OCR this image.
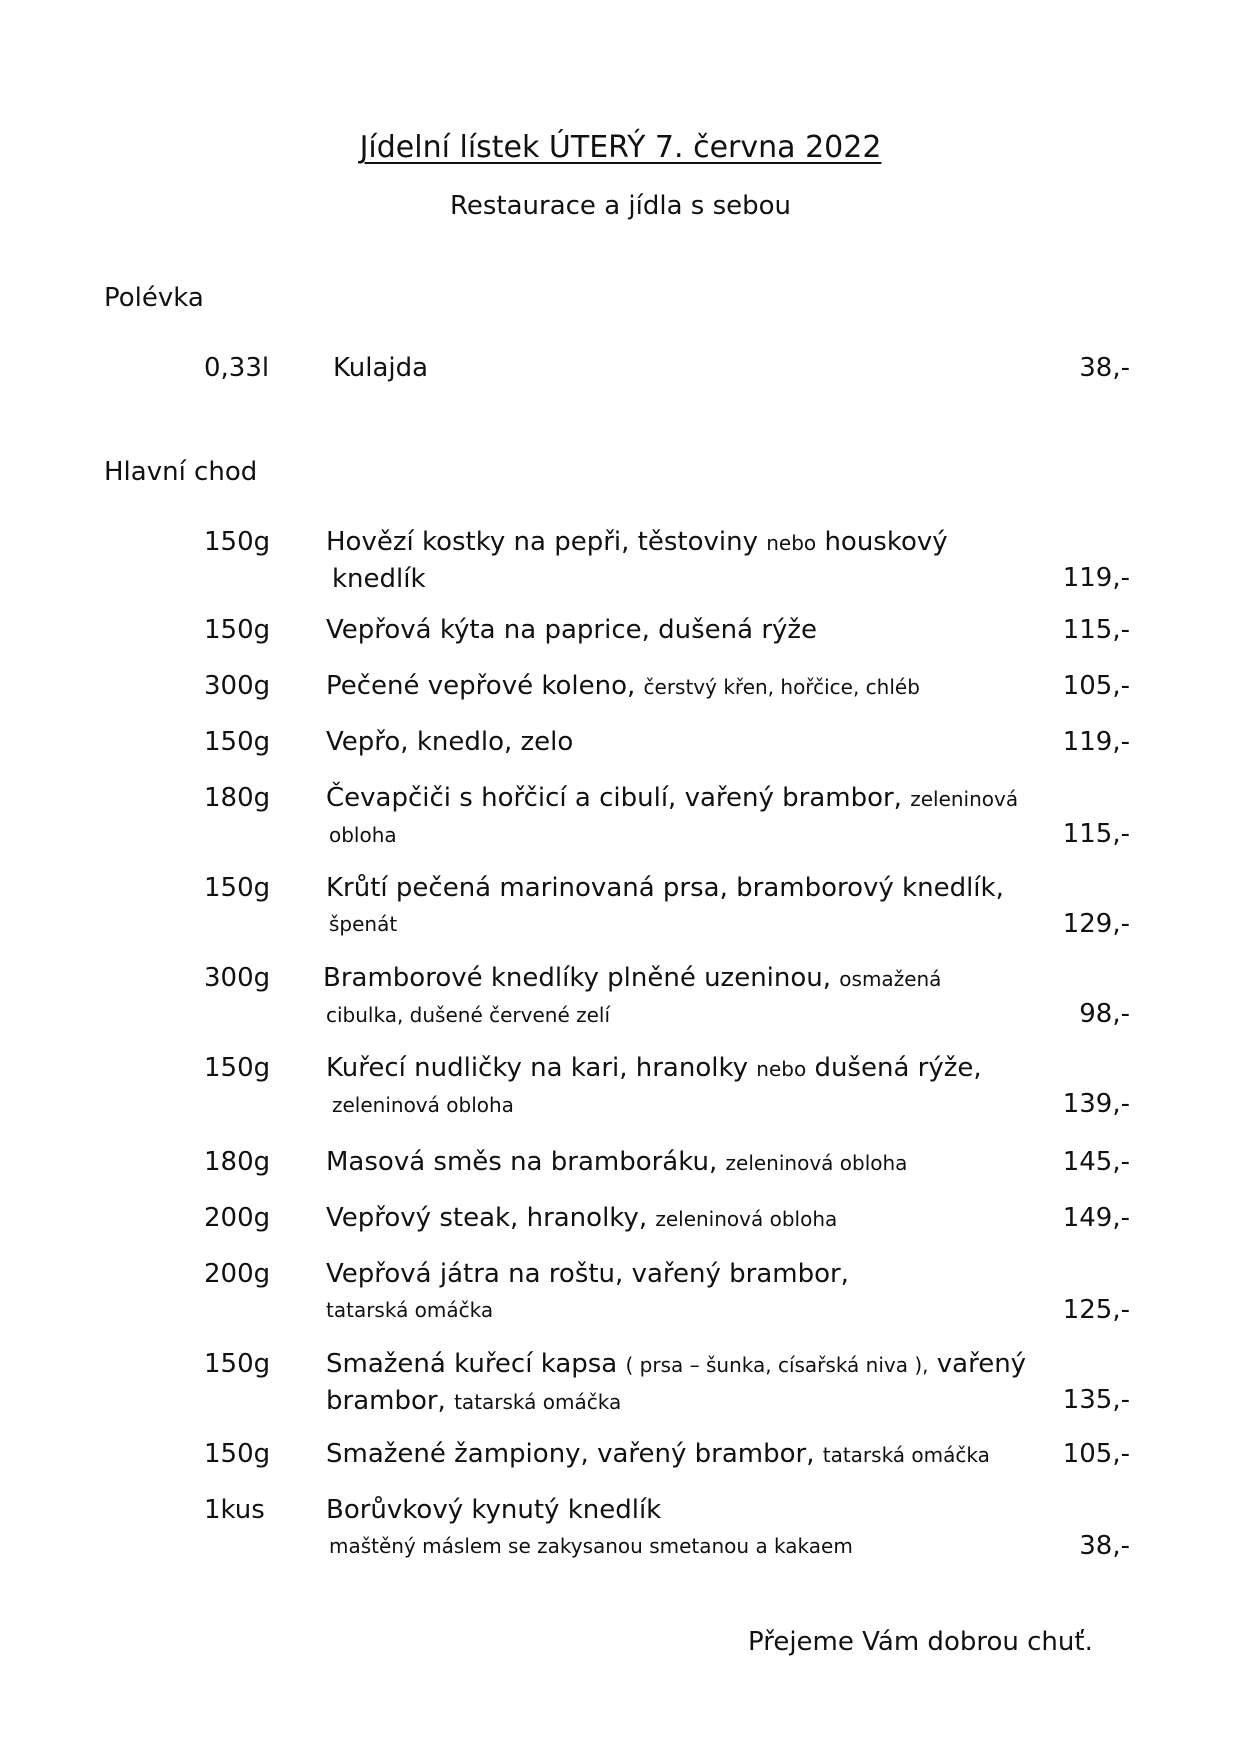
Jídelní lístek ÚTERÝ 7. června 2022
Restaurace a jídla s sebou
Polévka
0,33l Kulajda	38,-
Hlavní chod
150g Hovězí kostky na pepři, těstoviny nebo houskový
knedlík	119,-
150g Vepřová kýta na paprice, dušená rýže	115,-
300g Pečené vepřové koleno, čerstvý křen, hořčice, chléb	105,-
150g Vepřo, knedlo, zelo	119,-
180g Čevapčiči s hořčicí a cibulí, vařený brambor, zeleninová
obloha	115,-
150g Krůtí pečená marinovaná prsa, bramborový knedlík,
špenát	129,-
300g Bramborové knedlíky plněné uzeninou, osmažená
cibulka, dušené červené zelí	98,-
150g Kuřecí nudličky na kari, hranolky nebo dušená rýže,
zeleninová obloha	139,-
180g Masová směs na bramboráku, zeleninová obloha	145,-
200g Vepřový steak, hranolky, zeleninová obloha	149,-
200g Vepřová játra na roštu, vařený brambor,
tatarská omáčka	125,-
150g Smažená kuřecí kapsa ( prsa – šunka, císařská niva ), vařený
brambor, tatarská omáčka	135,-
150g Smažené žampiony, vařený brambor, tatarská omáčka	105,-
1kus Borůvkový kynutý knedlík
maštěný máslem se zakysanou smetanou a kakaem	38,-
Přejeme Vám dobrou chuť.
